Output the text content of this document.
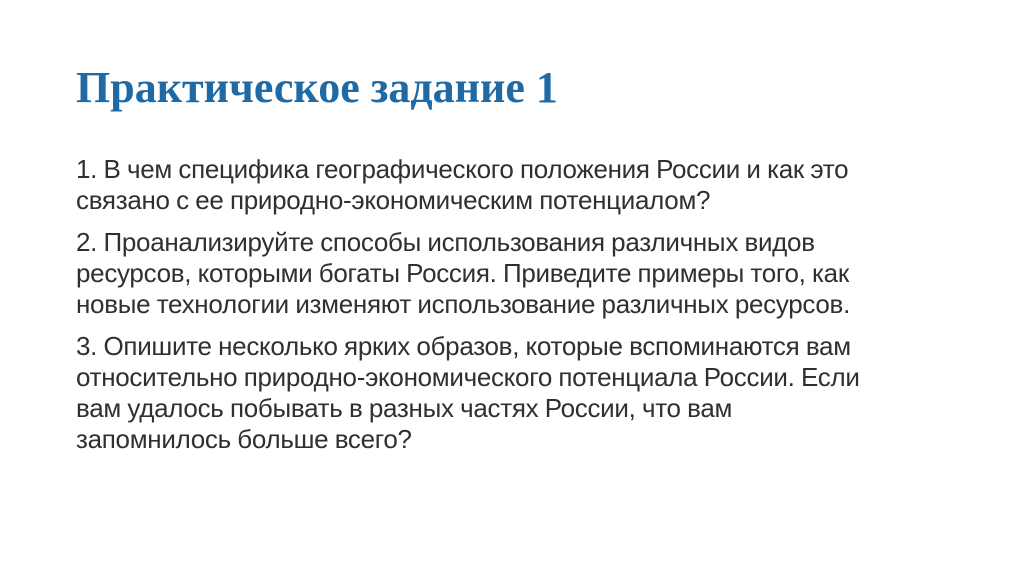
Практическое задание 1
1. В чем специфика географического положения России и как это
связано с ее природно-экономическим потенциалом?
2. Проанализируйте способы использования различных видов
ресурсов, которыми богаты Россия. Приведите примеры того, как
новые технологии изменяют использование различных ресурсов.
3. Опишите несколько ярких образов, которые вспоминаются вам
относительно природно-экономического потенциала России. Если
вам удалось побывать в разных частях России, что вам
запомнилось больше всего?
